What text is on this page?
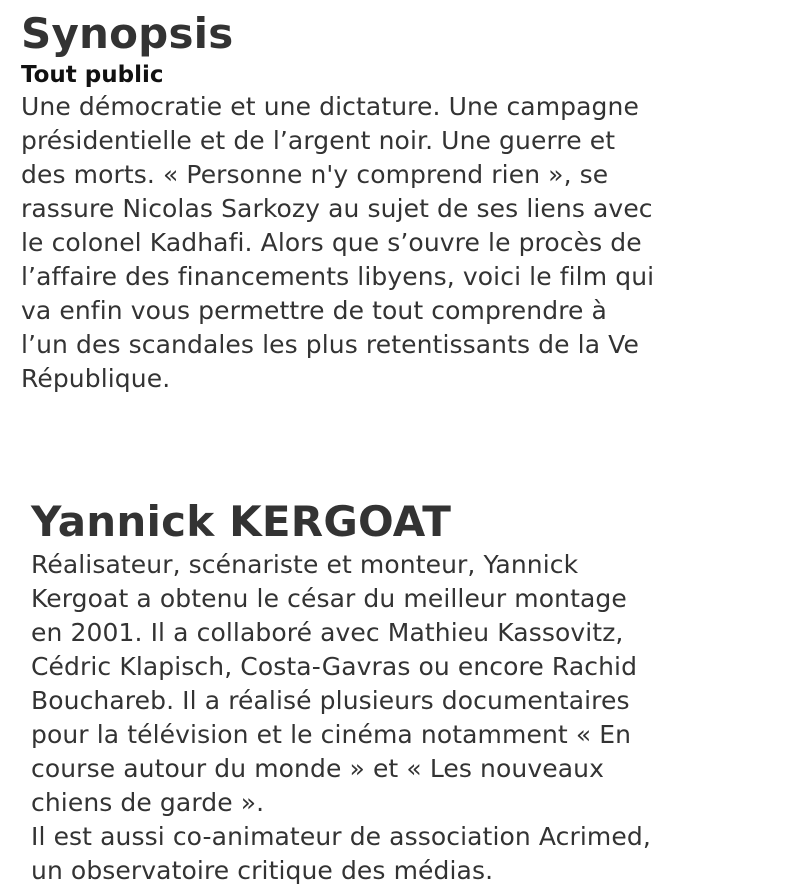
Synopsis
Tout public

Une démocratie et une dictature. Une campagne

présidentielle et de l’argent noir. Une guerre et

des morts. « Personne n'y comprend rien », se

rassure Nicolas Sarkozy au sujet de ses liens avec

le colonel Kadhafi. Alors que s’ouvre le procès de

l’affaire des financements libyens, voici le film qui

va enfin vous permettre de tout comprendre à

l’un des scandales les plus retentissants de la Ve

République.

Yannick KERGOAT

Réalisateur, scénariste et monteur, Yannick

Kergoat a obtenu le césar du meilleur montage

en 2001. Il a collaboré avec Mathieu Kassovitz,

Cédric Klapisch, Costa-Gavras ou encore Rachid

Bouchareb. Il a réalisé plusieurs documentaires

pour la télévision et le cinéma notamment « En

course autour du monde » et « Les nouveaux

chiens de garde ».

Il est aussi co-animateur de association Acrimed,

un observatoire critique des médias.
